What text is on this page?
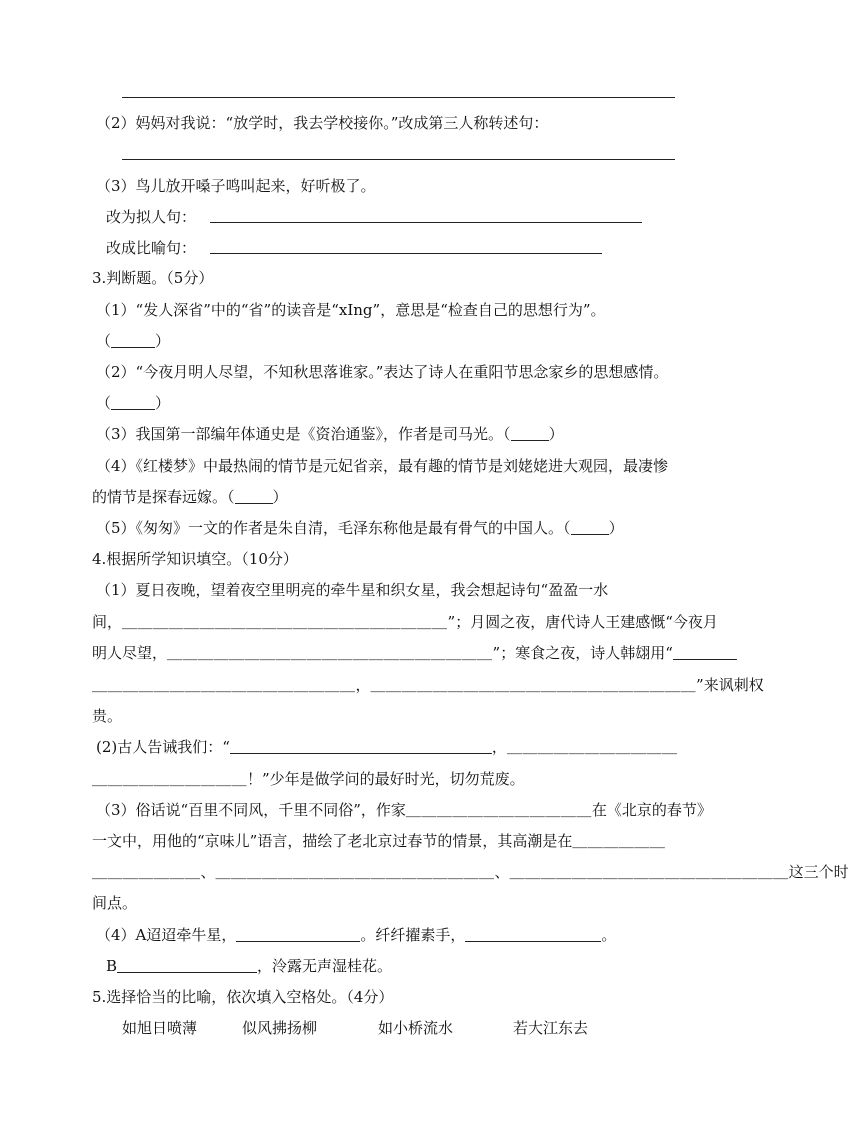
（2）妈妈对我说：“放学时，我去学校接你。”改成第三人称转述句：
（3）鸟儿放开嗓子鸣叫起来，好听极了。
改为拟人句：
改成比喻句：
3.判断题。（5分）
（1）“发人深省”中的“省”的读音是“xIng”，意思是“检查自己的思想行为”。
（	）
（2）“今夜月明人尽望，不知秋思落谁家。”表达了诗人在重阳节思念家乡的思想感情。
（	）
（3）我国第一部编年体通史是《资治通鉴》，作者是司马光。（	）
（4）《红楼梦》中最热闹的情节是元妃省亲，最有趣的情节是刘姥姥进大观园，最凄惨
的情节是探春远嫁。（	）
（5）《匆匆》一文的作者是朱自清，毛泽东称他是最有骨气的中国人。（	）
4.根据所学知识填空。（10分）
（1）夏日夜晚，望着夜空里明亮的牵牛星和织女星，我会想起诗句“盈盈一水
间，＿＿＿＿＿＿＿＿＿＿＿＿＿＿＿＿＿＿＿＿＿”；月圆之夜，唐代诗人王建感慨“今夜月
明人尽望，＿＿＿＿＿＿＿＿＿＿＿＿＿＿＿＿＿＿＿＿＿”；寒食之夜，诗人韩翃用“
＿＿＿＿＿＿＿＿＿＿＿＿＿＿＿＿＿，＿＿＿＿＿＿＿＿＿＿＿＿＿＿＿＿＿＿＿＿＿”来讽刺权
贵。
(2)古人告诫我们：“	，＿＿＿＿＿＿＿＿＿＿＿
＿＿＿＿＿＿＿＿＿＿！”少年是做学问的最好时光，切勿荒废。
（3）俗话说“百里不同风，千里不同俗”，作家＿＿＿＿＿＿＿＿＿＿＿＿在《北京的春节》
一文中，用他的“京味儿”语言，描绘了老北京过春节的情景，其高潮是在＿＿＿＿＿＿
＿＿＿＿＿＿＿、＿＿＿＿＿＿＿＿＿＿＿＿＿＿＿＿＿＿、＿＿＿＿＿＿＿＿＿＿＿＿＿＿＿＿＿＿这三个时
间点。
（4）A迢迢牵牛星，	。纤纤擢素手，	。
B	，泠露无声湿桂花。
5.选择恰当的比喻，依次填入空格处。（4分）
如旭日喷薄	似风拂扬柳	如小桥流水	若大江东去
